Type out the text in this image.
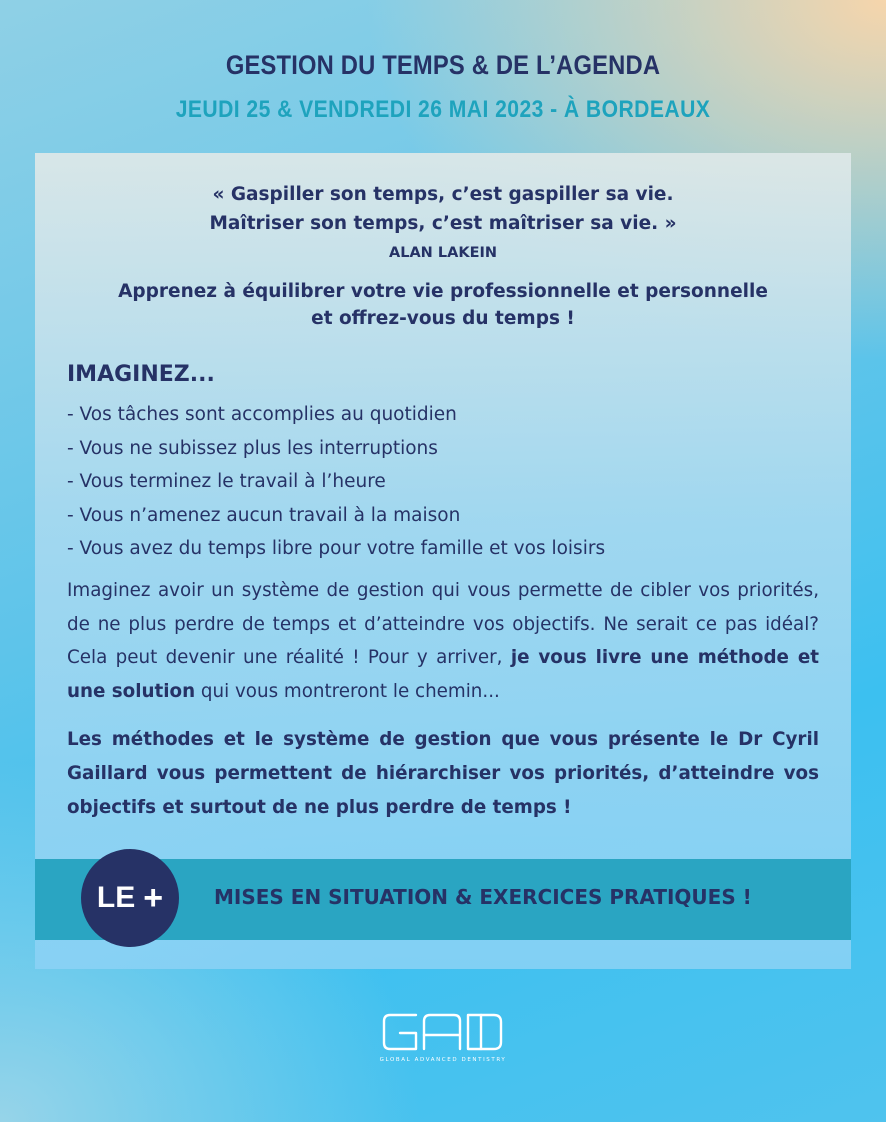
GESTION DU TEMPS & DE L’AGENDA
JEUDI 25 & VENDREDI 26 MAI 2023 - À BORDEAUX
« Gaspiller son temps, c’est gaspiller sa vie.
Maîtriser son temps, c’est maîtriser sa vie. »
ALAN LAKEIN
Apprenez à équilibrer votre vie professionnelle et personnelle
et offrez-vous du temps !
IMAGINEZ...
- Vos tâches sont accomplies au quotidien
- Vous ne subissez plus les interruptions
- Vous terminez le travail à l’heure
- Vous n’amenez aucun travail à la maison
- Vous avez du temps libre pour votre famille et vos loisirs

Imaginez avoir un système de gestion qui vous permette de cibler vos priorités, de ne plus perdre de temps et d’atteindre vos objectifs. Ne serait ce pas idéal? Cela peut devenir une réalité ! Pour y arriver, je vous livre une méthode et une solution qui vous montreront le chemin...

Les méthodes et le système de gestion que vous présente le Dr Cyril Gaillard vous permettent de hiérarchiser vos priorités, d’atteindre vos objectifs et surtout de ne plus perdre de temps !

LE +	MISES EN SITUATION & EXERCICES PRATIQUES !
GLOBAL ADVANCED DENTISTRY
